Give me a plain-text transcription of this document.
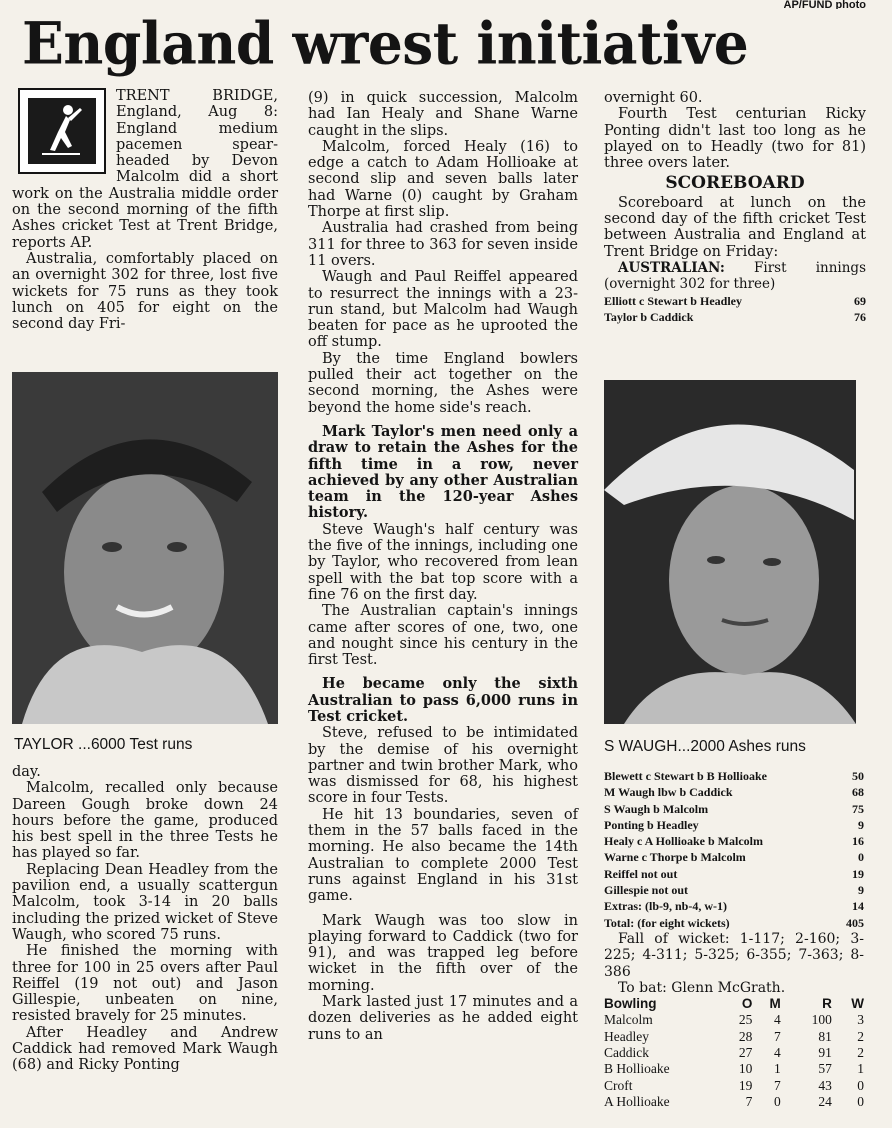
AP/FUND photo
England wrest initiative

TRENT BRIDGE, England, Aug 8: England medium pacemen spear-headed by Devon Malcolm did a short work on the Australia middle order on the second morning of the fifth Ashes cricket Test at Trent Bridge, reports AP.

Australia, comfortably placed on an overnight 302 for three, lost five wickets for 75 runs as they took lunch on 405 for eight on the second day Fri-

TAYLOR ...6000 Test runs

day.

Malcolm, recalled only because Dareen Gough broke down 24 hours before the game, produced his best spell in the three Tests he has played so far.

Replacing Dean Headley from the pavilion end, a usually scattergun Malcolm, took 3-14 in 20 balls including the prized wicket of Steve Waugh, who scored 75 runs.

He finished the morning with three for 100 in 25 overs after Paul Reiffel (19 not out) and Jason Gillespie, unbeaten on nine, resisted bravely for 25 minutes.

After Headley and Andrew Caddick had removed Mark Waugh (68) and Ricky Ponting

(9) in quick succession, Malcolm had Ian Healy and Shane Warne caught in the slips.

Malcolm, forced Healy (16) to edge a catch to Adam Hollioake at second slip and seven balls later had Warne (0) caught by Graham Thorpe at first slip.

Australia had crashed from being 311 for three to 363 for seven inside 11 overs.

Waugh and Paul Reiffel appeared to resurrect the innings with a 23-run stand, but Malcolm had Waugh beaten for pace as he uprooted the off stump.

By the time England bowlers pulled their act together on the second morning, the Ashes were beyond the home side's reach.

Mark Taylor's men need only a draw to retain the Ashes for the fifth time in a row, never achieved by any other Australian team in the 120-year Ashes history.

Steve Waugh's half century was the five of the innings, including one by Taylor, who recovered from lean spell with the bat top score with a fine 76 on the first day.

The Australian captain's innings came after scores of one, two, one and nought since his century in the first Test.

He became only the sixth Australian to pass 6,000 runs in Test cricket.

Steve, refused to be intimidated by the demise of his overnight partner and twin brother Mark, who was dismissed for 68, his highest score in four Tests.

He hit 13 boundaries, seven of them in the 57 balls faced in the morning. He also became the 14th Australian to complete 2000 Test runs against England in his 31st game.

Mark Waugh was too slow in playing forward to Caddick (two for 91), and was trapped leg before wicket in the fifth over of the morning.

Mark lasted just 17 minutes and a dozen deliveries as he added eight runs to an

overnight 60.

Fourth Test centurian Ricky Ponting didn't last too long as he played on to Headly (two for 81) three overs later.

SCOREBOARD

Scoreboard at lunch on the second day of the fifth cricket Test between Australia and England at Trent Bridge on Friday:

AUSTRALIAN: First innings (overnight 302 for three)

Elliott c Stewart b Headley	69
Taylor b Caddick	76
S WAUGH...2000 Ashes runs
Blewett c Stewart b B Hollioake	50
M Waugh lbw b Caddick	68
S Waugh b Malcolm	75
Ponting b Headley	9
Healy c A Hollioake b Malcolm	16
Warne c Thorpe b Malcolm	0
Reiffel not out	19
Gillespie not out	9
Extras: (lb-9, nb-4, w-1)	14
Total: (for eight wickets)	405

Fall of wicket: 1-117; 2-160; 3-225; 4-311; 5-325; 6-355; 7-363; 8-386

To bat: Glenn McGrath.

Bowling	O	M	R	W
Malcolm	25	4	100	3
Headley	28	7	81	2
Caddick	27	4	91	2
B Hollioake	10	1	57	1
Croft	19	7	43	0
A Hollioake	7	0	24	0
